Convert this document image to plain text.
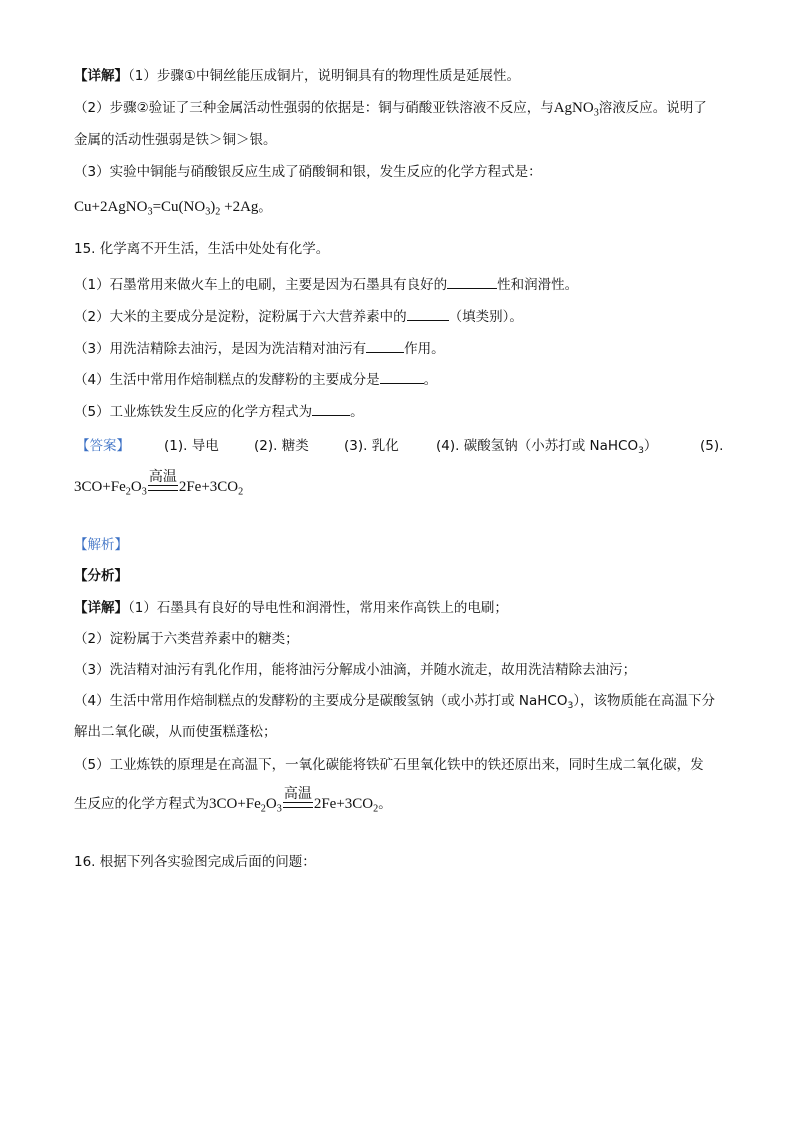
【详解】（1）步骤①中铜丝能压成铜片，说明铜具有的物理性质是延展性。
（2）步骤②验证了三种金属活动性强弱的依据是：铜与硝酸亚铁溶液不反应，与AgNO$_3$溶液反应。说明了
金属的活动性强弱是铁＞铜＞银。
（3）实验中铜能与硝酸银反应生成了硝酸铜和银，发生反应的化学方程式是：
$Cu+2AgNO_3=Cu(NO_3)_2 +2Ag$。
15. 化学离不开生活，生活中处处有化学。
（1）石墨常用来做火车上的电刷，主要是因为石墨具有良好的	性和润滑性。
（2）大米的主要成分是淀粉，淀粉属于六大营养素中的	（填类别）。
（3）用洗洁精除去油污，是因为洗洁精对油污有	作用。
（4）生活中常用作焙制糕点的发酵粉的主要成分是	。
（5）工业炼铁发生反应的化学方程式为	。
【答案】	(1). 导电	(2). 糖类	(3). 乳化	(4). 碳酸氢钠（小苏打或 NaHCO$_3$）	(5).
$3CO+Fe_2O_3$
高温
$2Fe+3CO_2$
【解析】
【分析】
【详解】（1）石墨具有良好的导电性和润滑性，常用来作高铁上的电刷；
（2）淀粉属于六类营养素中的糖类；
（3）洗洁精对油污有乳化作用，能将油污分解成小油滴，并随水流走，故用洗洁精除去油污；
（4）生活中常用作焙制糕点的发酵粉的主要成分是碳酸氢钠（或小苏打或 NaHCO$_3$），该物质能在高温下分
解出二氧化碳，从而使蛋糕蓬松；
（5）工业炼铁的原理是在高温下，一氧化碳能将铁矿石里氧化铁中的铁还原出来，同时生成二氧化碳，发
生反应的化学方程式为$3CO+Fe_2O_3$
高温
$2Fe+3CO_2$。
16. 根据下列各实验图完成后面的问题：
